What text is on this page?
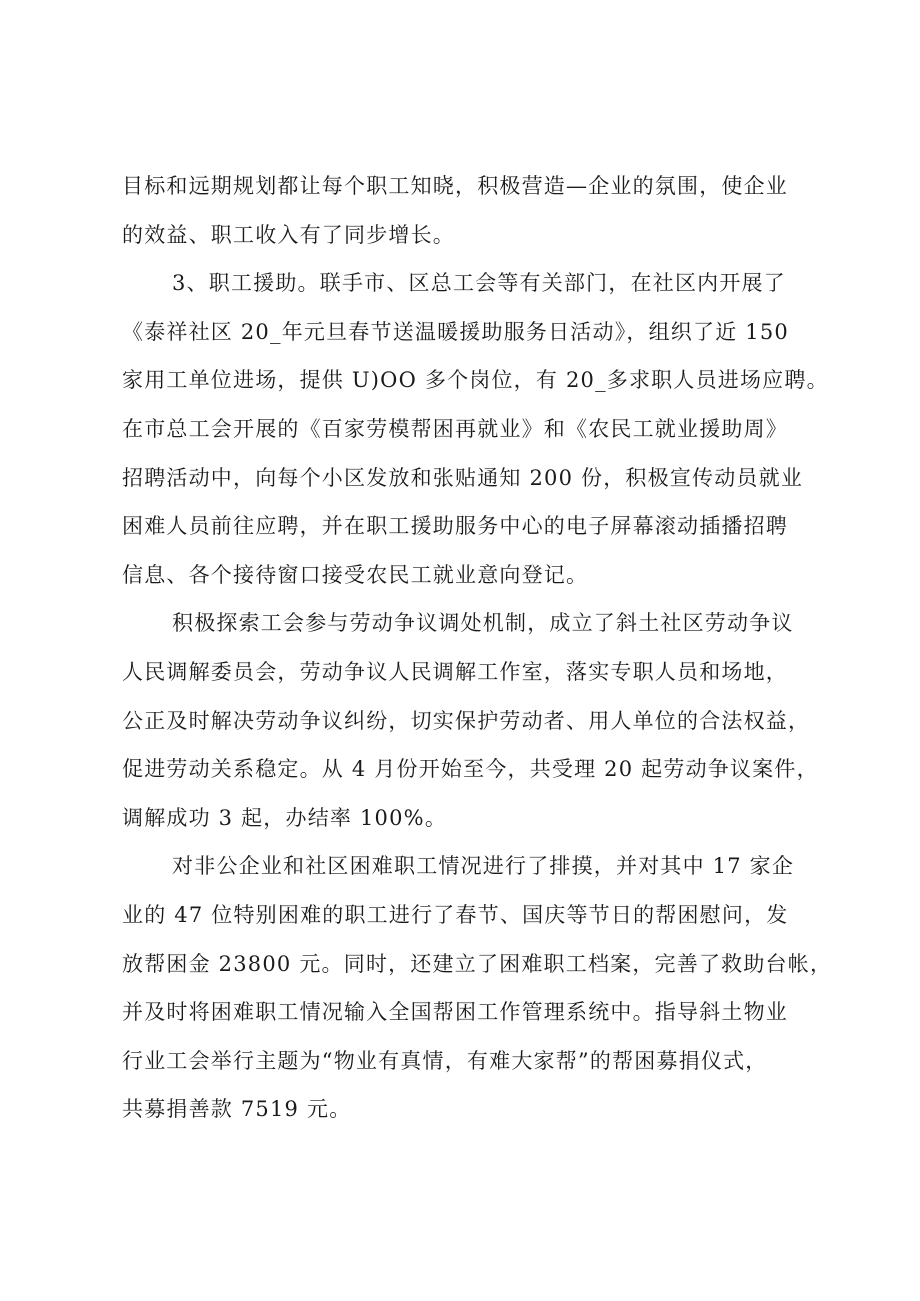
目标和远期规划都让每个职工知晓，积极营造—企业的氛围，使企业
的效益、职工收入有了同步增长。
3、职工援助。联手市、区总工会等有关部门，在社区内开展了
《泰祥社区 20_年元旦春节送温暖援助服务日活动》，组织了近 150
家用工单位进场，提供 U)OO 多个岗位，有 20_多求职人员进场应聘。
在市总工会开展的《百家劳模帮困再就业》和《农民工就业援助周》
招聘活动中，向每个小区发放和张贴通知 200 份，积极宣传动员就业
困难人员前往应聘，并在职工援助服务中心的电子屏幕滚动插播招聘
信息、各个接待窗口接受农民工就业意向登记。
积极探索工会参与劳动争议调处机制，成立了斜土社区劳动争议
人民调解委员会，劳动争议人民调解工作室，落实专职人员和场地，
公正及时解决劳动争议纠纷，切实保护劳动者、用人单位的合法权益，
促进劳动关系稳定。从 4 月份开始至今，共受理 20 起劳动争议案件，
调解成功 3 起，办结率 100%。
对非公企业和社区困难职工情况进行了排摸，并对其中 17 家企
业的 47 位特别困难的职工进行了春节、国庆等节日的帮困慰问，发
放帮困金 23800 元。同时，还建立了困难职工档案，完善了救助台帐，
并及时将困难职工情况输入全国帮困工作管理系统中。指导斜土物业
行业工会举行主题为“物业有真情，有难大家帮”的帮困募捐仪式，
共募捐善款 7519 元。
